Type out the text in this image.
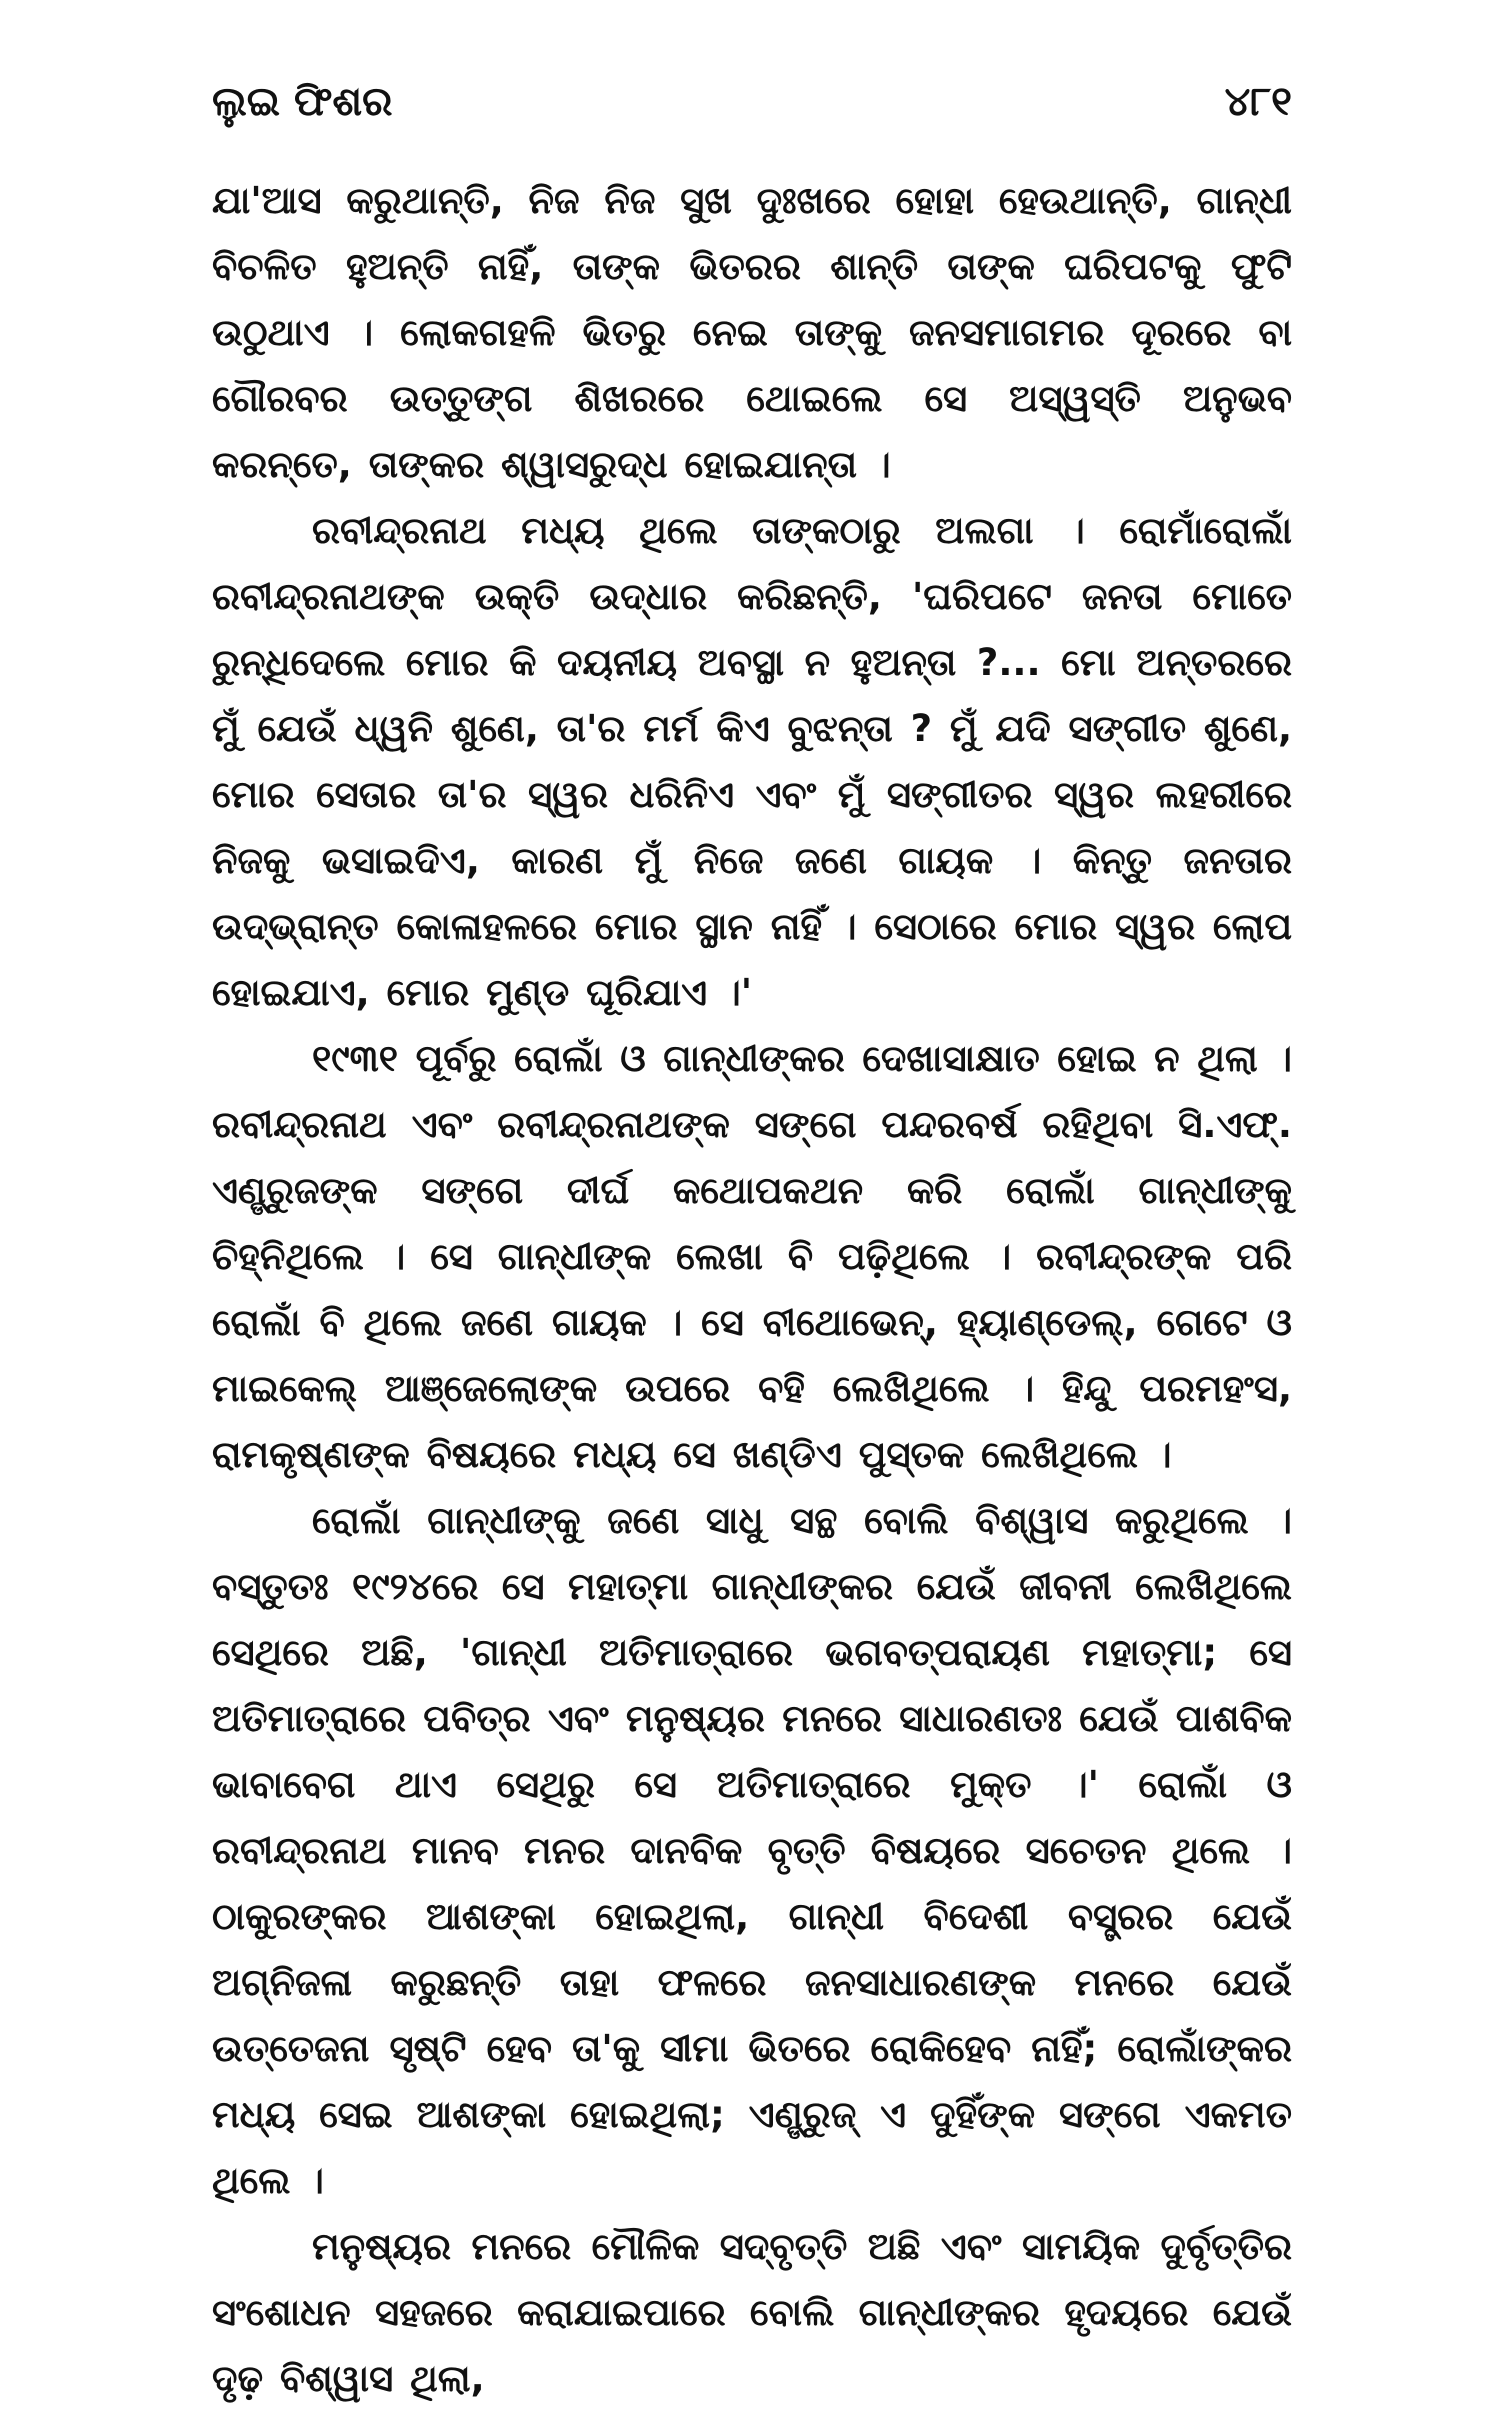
ଲୁଇ ଫିଶର	୪୮୧

ଯା'ଆସ କରୁଥାନ୍ତି, ନିଜ ନିଜ ସୁଖ ଦୁଃଖରେ ହୋହା ହେଉଥାନ୍ତି, ଗାନ୍ଧୀ ବିଚଳିତ ହୁଅନ୍ତି ନାହିଁ, ତାଙ୍କ ଭିତରର ଶାନ୍ତି ତାଙ୍କ ଘରିପଟକୁ ଫୁଟି ଉଠୁଥାଏ । ଲୋକଗହଳି ଭିତରୁ ନେଇ ତାଙ୍କୁ ଜନସମାଗମର ଦୂରରେ ବା ଗୌରବର ଉତ୍ତୁଙ୍ଗ ଶିଖରରେ ଥୋଇଲେ ସେ ଅସ୍ୱସ୍ତି ଅନୁଭବ କରନ୍ତେ, ତାଙ୍କର ଶ୍ୱାସରୁଦ୍ଧ ହୋଇଯାନ୍ତା ।

ରବୀନ୍ଦ୍ରନାଥ ମଧ୍ୟ ଥିଲେ ତାଙ୍କଠାରୁ ଅଲଗା । ରୋମାଁରୋଲାଁ ରବୀନ୍ଦ୍ରନାଥଙ୍କ ଉକ୍ତି ଉଦ୍ଧାର କରିଛନ୍ତି, 'ଘରିପଟେ ଜନତା ମୋତେ ରୁନ୍ଧିଦେଲେ ମୋର କି ଦୟନୀୟ ଅବସ୍ଥା ନ ହୁଅନ୍ତା ?... ମୋ ଅନ୍ତରରେ ମୁଁ ଯେଉଁ ଧ୍ୱନି ଶୁଣେ, ତା'ର ମର୍ମ କିଏ ବୁଝନ୍ତା ? ମୁଁ ଯଦି ସଙ୍ଗୀତ ଶୁଣେ, ମୋର ସେତାର ତା'ର ସ୍ୱର ଧରିନିଏ ଏବଂ ମୁଁ ସଙ୍ଗୀତର ସ୍ୱର ଲହରୀରେ ନିଜକୁ ଭସାଇଦିଏ, କାରଣ ମୁଁ ନିଜେ ଜଣେ ଗାୟକ । କିନ୍ତୁ ଜନତାର ଉଦ୍‌ଭ୍ରାନ୍ତ କୋଳାହଳରେ ମୋର ସ୍ଥାନ ନାହିଁ । ସେଠାରେ ମୋର ସ୍ୱର ଲୋପ ହୋଇଯାଏ, ମୋର ମୁଣ୍ଡ ଘୂରିଯାଏ ।'

୧୯୩୧ ପୂର୍ବରୁ ରୋଲାଁ ଓ ଗାନ୍ଧୀଙ୍କର ଦେଖାସାକ୍ଷାତ ହୋଇ ନ ଥିଲା । ରବୀନ୍ଦ୍ରନାଥ ଏବଂ ରବୀନ୍ଦ୍ରନାଥଙ୍କ ସଙ୍ଗେ ପନ୍ଦରବର୍ଷ ରହିଥିବା ସି.ଏଫ୍. ଏଣ୍ଡ୍ରୁଜଙ୍କ ସଙ୍ଗେ ଦୀର୍ଘ କଥୋପକଥନ କରି ରୋଲାଁ ଗାନ୍ଧୀଙ୍କୁ ଚିହ୍ନିଥିଲେ । ସେ ଗାନ୍ଧୀଙ୍କ ଲେଖା ବି ପଢ଼ିଥିଲେ । ରବୀନ୍ଦ୍ରଙ୍କ ପରି ରୋଲାଁ ବି ଥିଲେ ଜଣେ ଗାୟକ । ସେ ବୀଥୋଭେନ୍, ହ୍ୟାଣ୍ଡେଲ୍, ଗେଟେ ଓ ମାଇକେଲ୍ ଆଞ୍ଜେଲୋଙ୍କ ଉପରେ ବହି ଲେଖିଥିଲେ । ହିନ୍ଦୁ ପରମହଂସ, ରାମକୃଷ୍ଣଙ୍କ ବିଷୟରେ ମଧ୍ୟ ସେ ଖଣ୍ଡିଏ ପୁସ୍ତକ ଲେଖିଥିଲେ ।

ରୋଲାଁ ଗାନ୍ଧୀଙ୍କୁ ଜଣେ ସାଧୁ ସନ୍ଥ ବୋଲି ବିଶ୍ୱାସ କରୁଥିଲେ । ବସ୍ତୁତଃ ୧୯୨୪ରେ ସେ ମହାତ୍ମା ଗାନ୍ଧୀଙ୍କର ଯେଉଁ ଜୀବନୀ ଲେଖିଥିଲେ ସେଥିରେ ଅଛି, 'ଗାନ୍ଧୀ ଅତିମାତ୍ରାରେ ଭଗବତ୍‌ପରାୟଣ ମହାତ୍ମା; ସେ ଅତିମାତ୍ରାରେ ପବିତ୍ର ଏବଂ ମନୁଷ୍ୟର ମନରେ ସାଧାରଣତଃ ଯେଉଁ ପାଶବିକ ଭାବାବେଗ ଥାଏ ସେଥିରୁ ସେ ଅତିମାତ୍ରାରେ ମୁକ୍ତ ।' ରୋଲାଁ ଓ ରବୀନ୍ଦ୍ରନାଥ ମାନବ ମନର ଦାନବିକ ବୃତ୍ତି ବିଷୟରେ ସଚେତନ ଥିଲେ । ଠାକୁରଙ୍କର ଆଶଙ୍କା ହୋଇଥିଲା, ଗାନ୍ଧୀ ବିଦେଶୀ ବସ୍ତ୍ରର ଯେଉଁ ଅଗ୍ନିଜଳା କରୁଛନ୍ତି ତାହା ଫଳରେ ଜନସାଧାରଣଙ୍କ ମନରେ ଯେଉଁ ଉତ୍ତେଜନା ସୃଷ୍ଟି ହେବ ତା'କୁ ସୀମା ଭିତରେ ରୋକିହେବ ନାହିଁ; ରୋଲାଁଙ୍କର ମଧ୍ୟ ସେଇ ଆଶଙ୍କା ହୋଇଥିଲା; ଏଣ୍ଡ୍ରୁଜ୍ ଏ ଦୁହିଁଙ୍କ ସଙ୍ଗେ ଏକମତ ଥିଲେ ।

ମନୁଷ୍ୟର ମନରେ ମୌଳିକ ସଦ୍‌ବୃତ୍ତି ଅଛି ଏବଂ ସାମୟିକ ଦୁର୍ବୃତ୍ତିର ସଂଶୋଧନ ସହଜରେ କରାଯାଇପାରେ ବୋଲି ଗାନ୍ଧୀଙ୍କର ହୃଦୟରେ ଯେଉଁ ଦୃଢ଼ ବିଶ୍ୱାସ ଥିଲା,
